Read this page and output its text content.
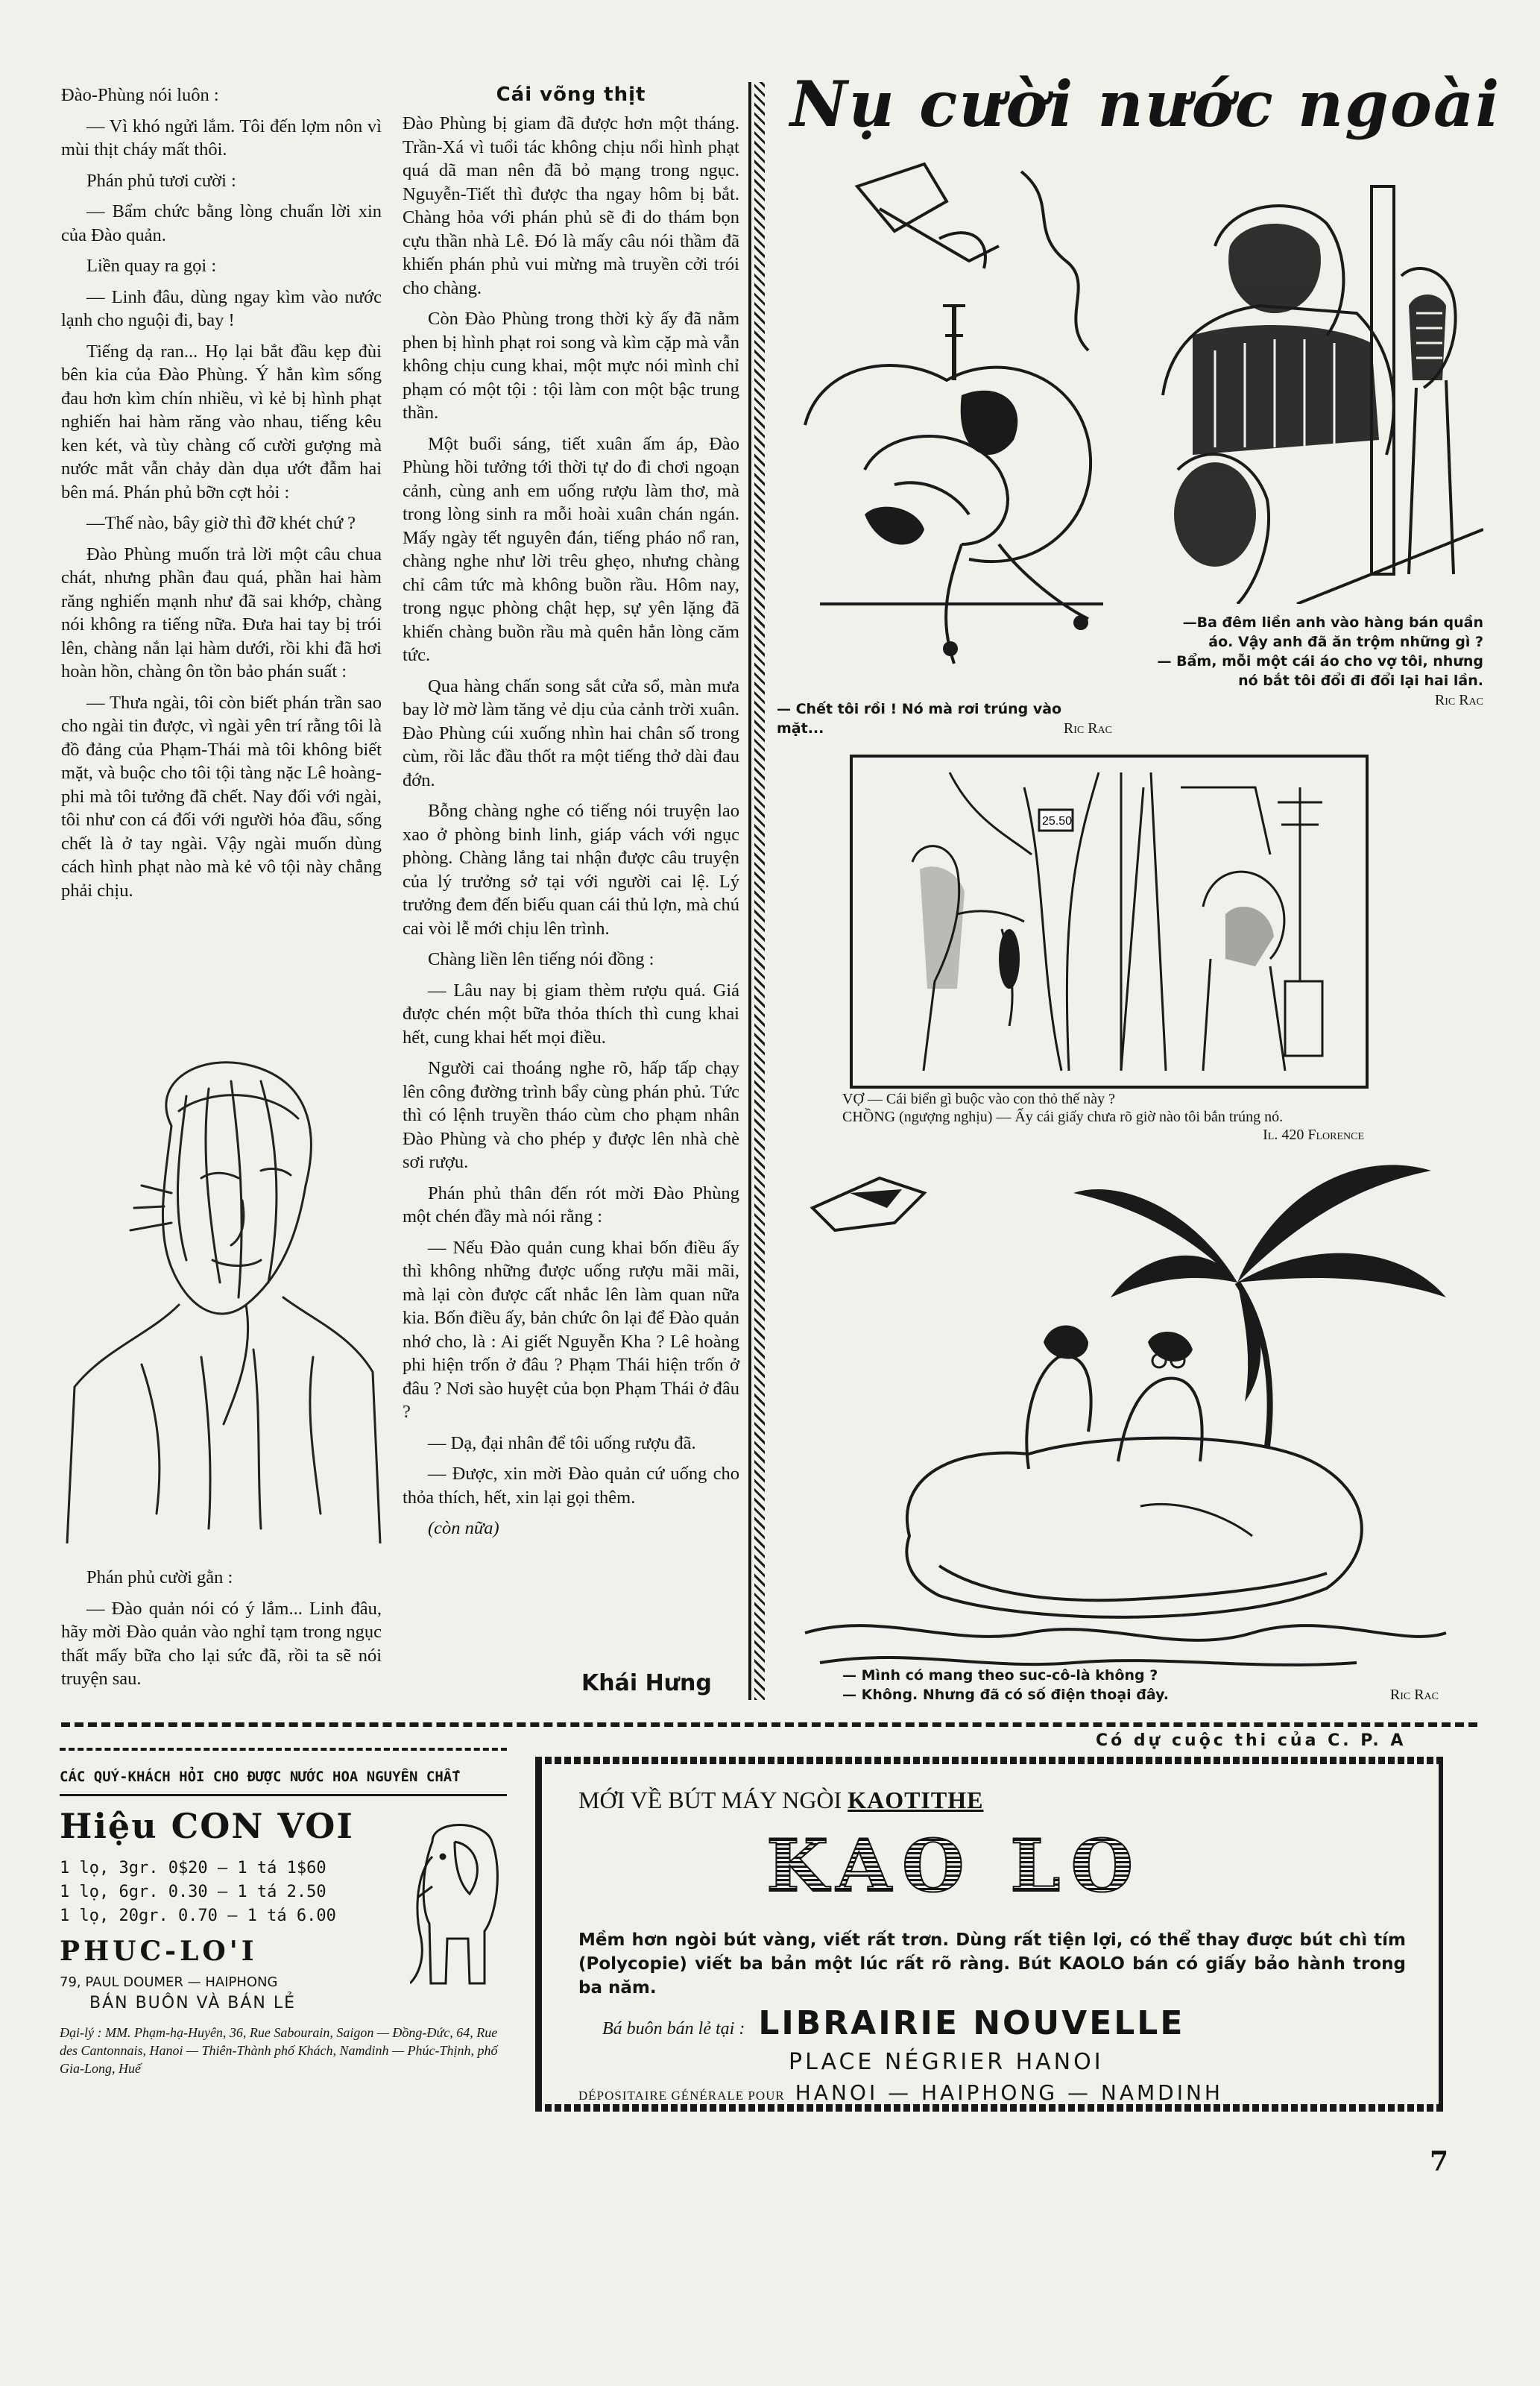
Đào-Phùng nói luôn :

— Vì khó ngửi lắm. Tôi đến lợm nôn vì mùi thịt cháy mất thôi.

Phán phủ tươi cười :

— Bẩm chức bằng lòng chuẩn lời xin của Đào quản.

Liền quay ra gọi :

— Linh đâu, dùng ngay kìm vào nước lạnh cho nguội đi, bay !

Tiếng dạ ran... Họ lại bắt đầu kẹp đùi bên kia của Đào Phùng. Ý hẳn kìm sống đau hơn kìm chín nhiều, vì kẻ bị hình phạt nghiến hai hàm răng vào nhau, tiếng kêu ken két, và tùy chàng cố cười gượng mà nước mắt vẫn chảy dàn dụa ướt đẫm hai bên má. Phán phủ bỡn cợt hỏi :

—Thế nào, bây giờ thì đỡ khét chứ ?

Đào Phùng muốn trả lời một câu chua chát, nhưng phần đau quá, phần hai hàm răng nghiến mạnh như đã sai khớp, chàng nói không ra tiếng nữa. Đưa hai tay bị trói lên, chàng nắn lại hàm dưới, rồi khi đã hơi hoàn hồn, chàng ôn tồn bảo phán suất :

— Thưa ngài, tôi còn biết phán trần sao cho ngài tin được, vì ngài yên trí rằng tôi là đồ đảng của Phạm-Thái mà tôi không biết mặt, và buộc cho tôi tội tàng nặc Lê hoàng-phi mà tôi tưởng đã chết. Nay đối với ngài, tôi như con cá đối với người hỏa đầu, sống chết là ở tay ngài. Vậy ngài muốn dùng cách hình phạt nào mà kẻ vô tội này chẳng phải chịu.

Phán phủ cười gằn :

— Đào quản nói có ý lắm... Linh đâu, hãy mời Đào quản vào nghỉ tạm trong ngục thất mấy bữa cho lại sức đã, rồi ta sẽ nói truyện sau.

Cái võng thịt

Đào Phùng bị giam đã được hơn một tháng. Trần-Xá vì tuổi tác không chịu nổi hình phạt quá dã man nên đã bỏ mạng trong ngục. Nguyễn-Tiết thì được tha ngay hôm bị bắt. Chàng hỏa với phán phủ sẽ đi do thám bọn cựu thần nhà Lê. Đó là mấy câu nói thầm đã khiến phán phủ vui mừng mà truyền cởi trói cho chàng.

Còn Đào Phùng trong thời kỳ ấy đã nằm phen bị hình phạt roi song và kìm cặp mà vẫn không chịu cung khai, một mực nói mình chỉ phạm có một tội : tội làm con một bậc trung thần.

Một buổi sáng, tiết xuân ấm áp, Đào Phùng hồi tưởng tới thời tự do đi chơi ngoạn cảnh, cùng anh em uống rượu làm thơ, mà trong lòng sinh ra mỗi hoài xuân chán ngán. Mấy ngày tết nguyên đán, tiếng pháo nổ ran, chàng nghe như lời trêu ghẹo, nhưng chàng chỉ câm tức mà không buồn rầu. Hôm nay, trong ngục phòng chật hẹp, sự yên lặng đã khiến chàng buồn rầu mà quên hẳn lòng căm tức.

Qua hàng chấn song sắt cửa sổ, màn mưa bay lờ mờ làm tăng vẻ dịu của cảnh trời xuân. Đào Phùng cúi xuống nhìn hai chân số trong cùm, rồi lắc đầu thốt ra một tiếng thở dài đau đớn.

Bỗng chàng nghe có tiếng nói truyện lao xao ở phòng binh linh, giáp vách với ngục phòng. Chàng lắng tai nhận được câu truyện của lý trưởng sở tại với người cai lệ. Lý trưởng đem đến biếu quan cái thủ lợn, mà chú cai vòi lễ mới chịu lên trình.

Chàng liền lên tiếng nói đồng :

— Lâu nay bị giam thèm rượu quá. Giá được chén một bữa thỏa thích thì cung khai hết, cung khai hết mọi điều.

Người cai thoáng nghe rõ, hấp tấp chạy lên công đường trình bẩy cùng phán phủ. Tức thì có lệnh truyền tháo cùm cho phạm nhân Đào Phùng và cho phép y được lên nhà chè sơi rượu.

Phán phủ thân đến rót mời Đào Phùng một chén đầy mà nói rằng :

— Nếu Đào quản cung khai bốn điều ấy thì không những được uống rượu mãi mãi, mà lại còn được cất nhắc lên làm quan nữa kia. Bốn điều ấy, bản chức ôn lại để Đào quản nhớ cho, là : Ai giết Nguyễn Kha ? Lê hoàng phi hiện trốn ở đâu ? Phạm Thái hiện trốn ở đâu ? Nơi sào huyệt của bọn Phạm Thái ở đâu ?

— Dạ, đại nhân để tôi uống rượu đã.

— Được, xin mời Đào quản cứ uống cho thỏa thích, hết, xin lại gọi thêm.

(còn nữa)

Khái Hưng
Nụ cười nước ngoài
— Chết tôi rồi ! Nó mà rơi trúng vào mặt...	Ric Rac
—Ba đêm liền anh vào hàng bán quần áo. Vậy anh đã ăn trộm những gì ?
— Bẩm, mỗi một cái áo cho vợ tôi, nhưng nó bắt tôi đổi đi đổi lại hai lần.
Ric Rac
25.50
VỢ — Cái biển gì buộc vào con thỏ thế này ?
CHỒNG (ngượng nghịu) — Ấy cái giấy chưa rõ giờ nào tôi bắn trúng nó.
Il. 420 Florence
— Mình có mang theo suc-cô-là không ?
— Không. Nhưng đã có số điện thoại đây.	Ric Rac
CÁC QUÝ-KHÁCH HỎI CHO ĐƯỢC NƯỚC HOA NGUYÊN CHẤT
Hiệu CON VOI
1 lọ, 3gr. 0$20 — 1 tá 1$60
1 lọ, 6gr. 0.30 — 1 tá 2.50
1 lọ, 20gr. 0.70 — 1 tá 6.00
PHUC-LO'I
79, PAUL DOUMER — HAIPHONG
BÁN BUÔN VÀ BÁN LẺ
Đại-lý : MM. Phạm-hạ-Huyên, 36, Rue Sabourain, Saigon — Đồng-Đức, 64, Rue des Cantonnais, Hanoi — Thiên-Thành phố Khách, Namdinh — Phúc-Thịnh, phố Gia-Long, Huế
Có dự cuộc thi của C. P. A
MỚI VỀ BÚT MÁY NGÒI KAOTITHE
KAO LO
Mềm hơn ngòi bút vàng, viết rất trơn. Dùng rất tiện lợi, có thể thay được bút chì tím (Polycopie) viết ba bản một lúc rất rõ ràng. Bút KAOLO bán có giấy bảo hành trong ba năm.
Bá buôn bán lẻ tại : LIBRAIRIE NOUVELLE
PLACE NÉGRIER HANOI
DÉPOSITAIRE GÉNÉRALE POUR HANOI — HAIPHONG — NAMDINH
7
